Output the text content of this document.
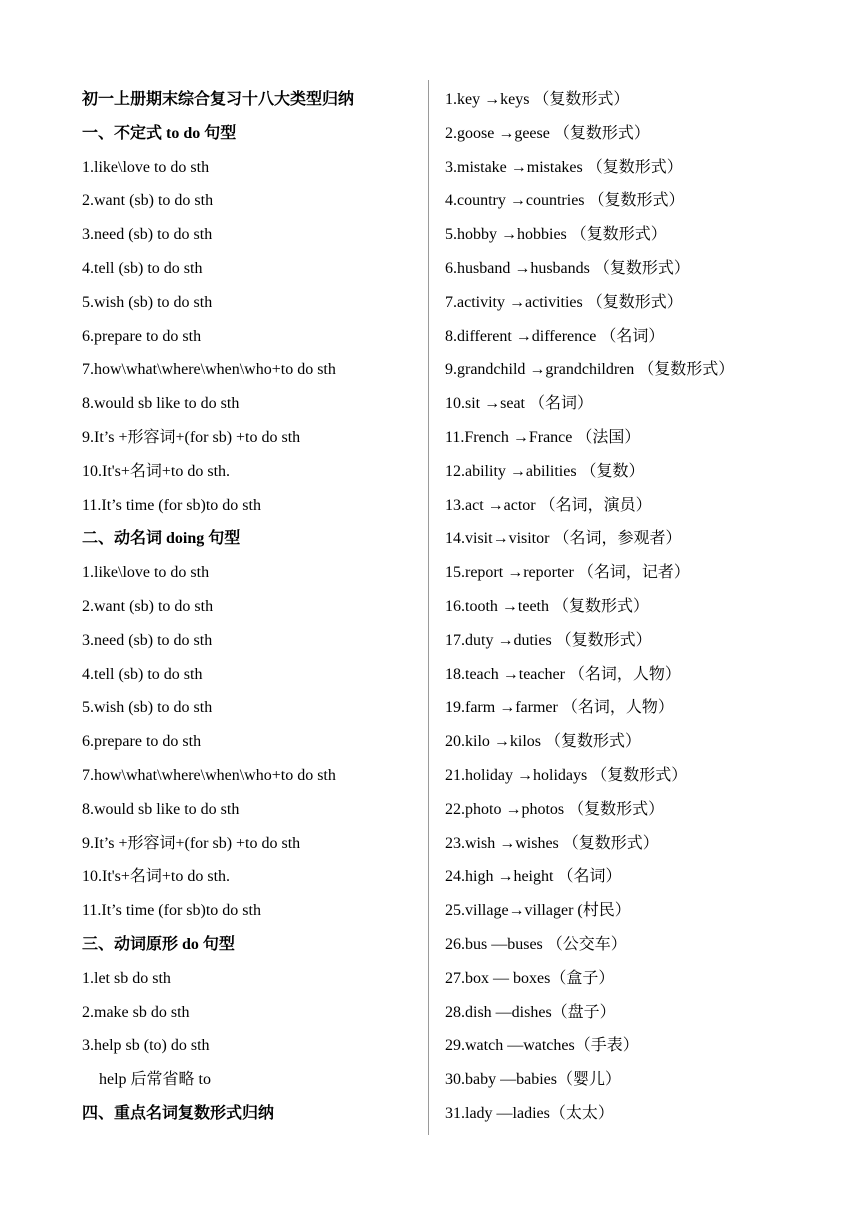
初一上册期末综合复习十八大类型归纳
一、不定式 to do 句型
1.like\love to do sth
2.want (sb) to do sth
3.need (sb) to do sth
4.tell (sb) to do sth
5.wish (sb) to do sth
6.prepare to do sth
7.how\what\where\when\who+to do sth
8.would sb like to do sth
9.It’s +形容词+(for sb) +to do sth
10.It's+名词+to do sth.
11.It’s time (for sb)to do sth
二、动名词 doing 句型
1.like\love to do sth
2.want (sb) to do sth
3.need (sb) to do sth
4.tell (sb) to do sth
5.wish (sb) to do sth
6.prepare to do sth
7.how\what\where\when\who+to do sth
8.would sb like to do sth
9.It’s +形容词+(for sb) +to do sth
10.It's+名词+to do sth.
11.It’s time (for sb)to do sth
三、动词原形 do 句型
1.let sb do sth
2.make sb do sth
3.help sb (to) do sth
help 后常省略 to
四、重点名词复数形式归纳
1.key →keys （复数形式）
2.goose →geese （复数形式）
3.mistake →mistakes （复数形式）
4.country →countries （复数形式）
5.hobby →hobbies （复数形式）
6.husband →husbands （复数形式）
7.activity →activities （复数形式）
8.different →difference （名词）
9.grandchild →grandchildren （复数形式）
10.sit →seat （名词）
11.French →France （法国）
12.ability →abilities （复数）
13.act →actor （名词，演员）
14.visit→visitor （名词，参观者）
15.report →reporter （名词，记者）
16.tooth →teeth （复数形式）
17.duty →duties （复数形式）
18.teach →teacher （名词，人物）
19.farm →farmer （名词，人物）
20.kilo →kilos （复数形式）
21.holiday →holidays （复数形式）
22.photo →photos （复数形式）
23.wish →wishes （复数形式）
24.high →height （名词）
25.village→villager (村民）
26.bus —buses （公交车）
27.box — boxes（盒子）
28.dish —dishes（盘子）
29.watch —watches（手表）
30.baby —babies（婴儿）
31.lady —ladies（太太）
